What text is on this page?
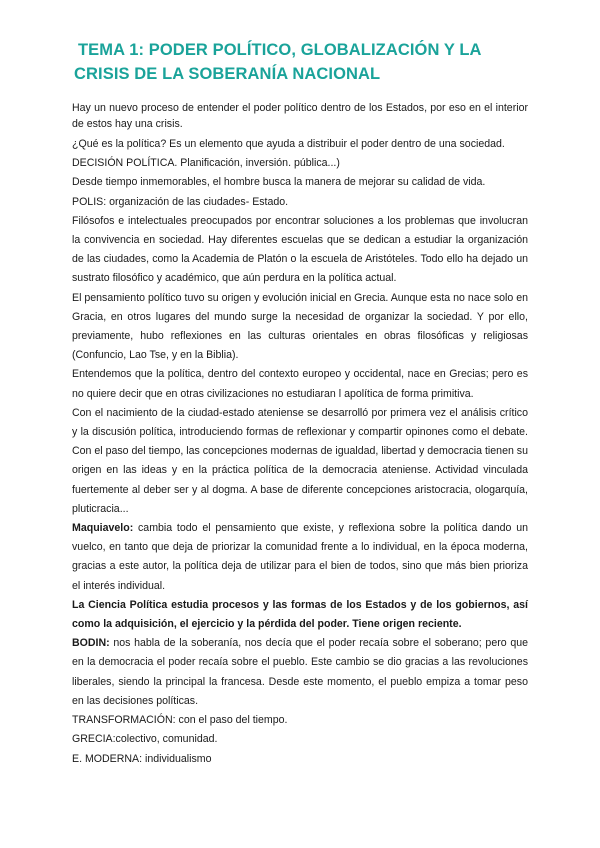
TEMA 1: PODER POLÍTICO, GLOBALIZACIÓN Y LA
CRISIS DE LA SOBERANÍA NACIONAL

Hay un nuevo proceso de entender el poder político dentro de los Estados, por eso en el interior de estos hay una crisis.

¿Qué es la política? Es un elemento que ayuda a distribuir el poder dentro de una sociedad.

DECISIÓN POLÍTICA. Planificación, inversión. pública...)

Desde tiempo inmemorables, el hombre busca la manera de mejorar su calidad de vida.

POLIS: organización de las ciudades- Estado.

Filósofos e intelectuales preocupados por encontrar soluciones a los problemas que involucran la convivencia en sociedad. Hay diferentes escuelas que se dedican a estudiar la organización de las ciudades, como la Academia de Platón o la escuela de Aristóteles. Todo ello ha dejado un sustrato filosófico y académico, que aún perdura en la política actual.

El pensamiento político tuvo su origen y evolución inicial en Grecia. Aunque esta no nace solo en Gracia, en otros lugares del mundo surge la necesidad de organizar la sociedad. Y por ello, previamente, hubo reflexiones en las culturas orientales en obras filosóficas y religiosas (Confuncio, Lao Tse, y en la Biblia).

Entendemos que la política, dentro del contexto europeo y occidental, nace en Grecias; pero es no quiere decir que en otras civilizaciones no estudiaran l apolítica de forma primitiva.

Con el nacimiento de la ciudad-estado ateniense se desarrolló por primera vez el análisis crítico y la discusión política, introduciendo formas de reflexionar y compartir opinones como el debate. Con el paso del tiempo, las concepciones modernas de igualdad, libertad y democracia tienen su origen en las ideas y en la práctica política de la democracia ateniense. Actividad vinculada fuertemente al deber ser y al dogma. A base de diferente concepciones aristocracia, ologarquía, pluticracia...

Maquiavelo: cambia todo el pensamiento que existe, y reflexiona sobre la política dando un vuelco, en tanto que deja de priorizar la comunidad frente a lo individual, en la época moderna, gracias a este autor, la política deja de utilizar para el bien de todos, sino que más bien prioriza el interés individual.

La Ciencia Política estudia procesos y las formas de los Estados y de los gobiernos, así como la adquisición, el ejercicio y la pérdida del poder. Tiene origen reciente.

BODIN: nos habla de la soberanía, nos decía que el poder recaía sobre el soberano; pero que en la democracia el poder recaía sobre el pueblo. Este cambio se dio gracias a las revoluciones liberales, siendo la principal la francesa. Desde este momento, el pueblo empiza a tomar peso en las decisiones políticas.

TRANSFORMACIÓN: con el paso del tiempo.

GRECIA:colectivo, comunidad.

E. MODERNA: individualismo
